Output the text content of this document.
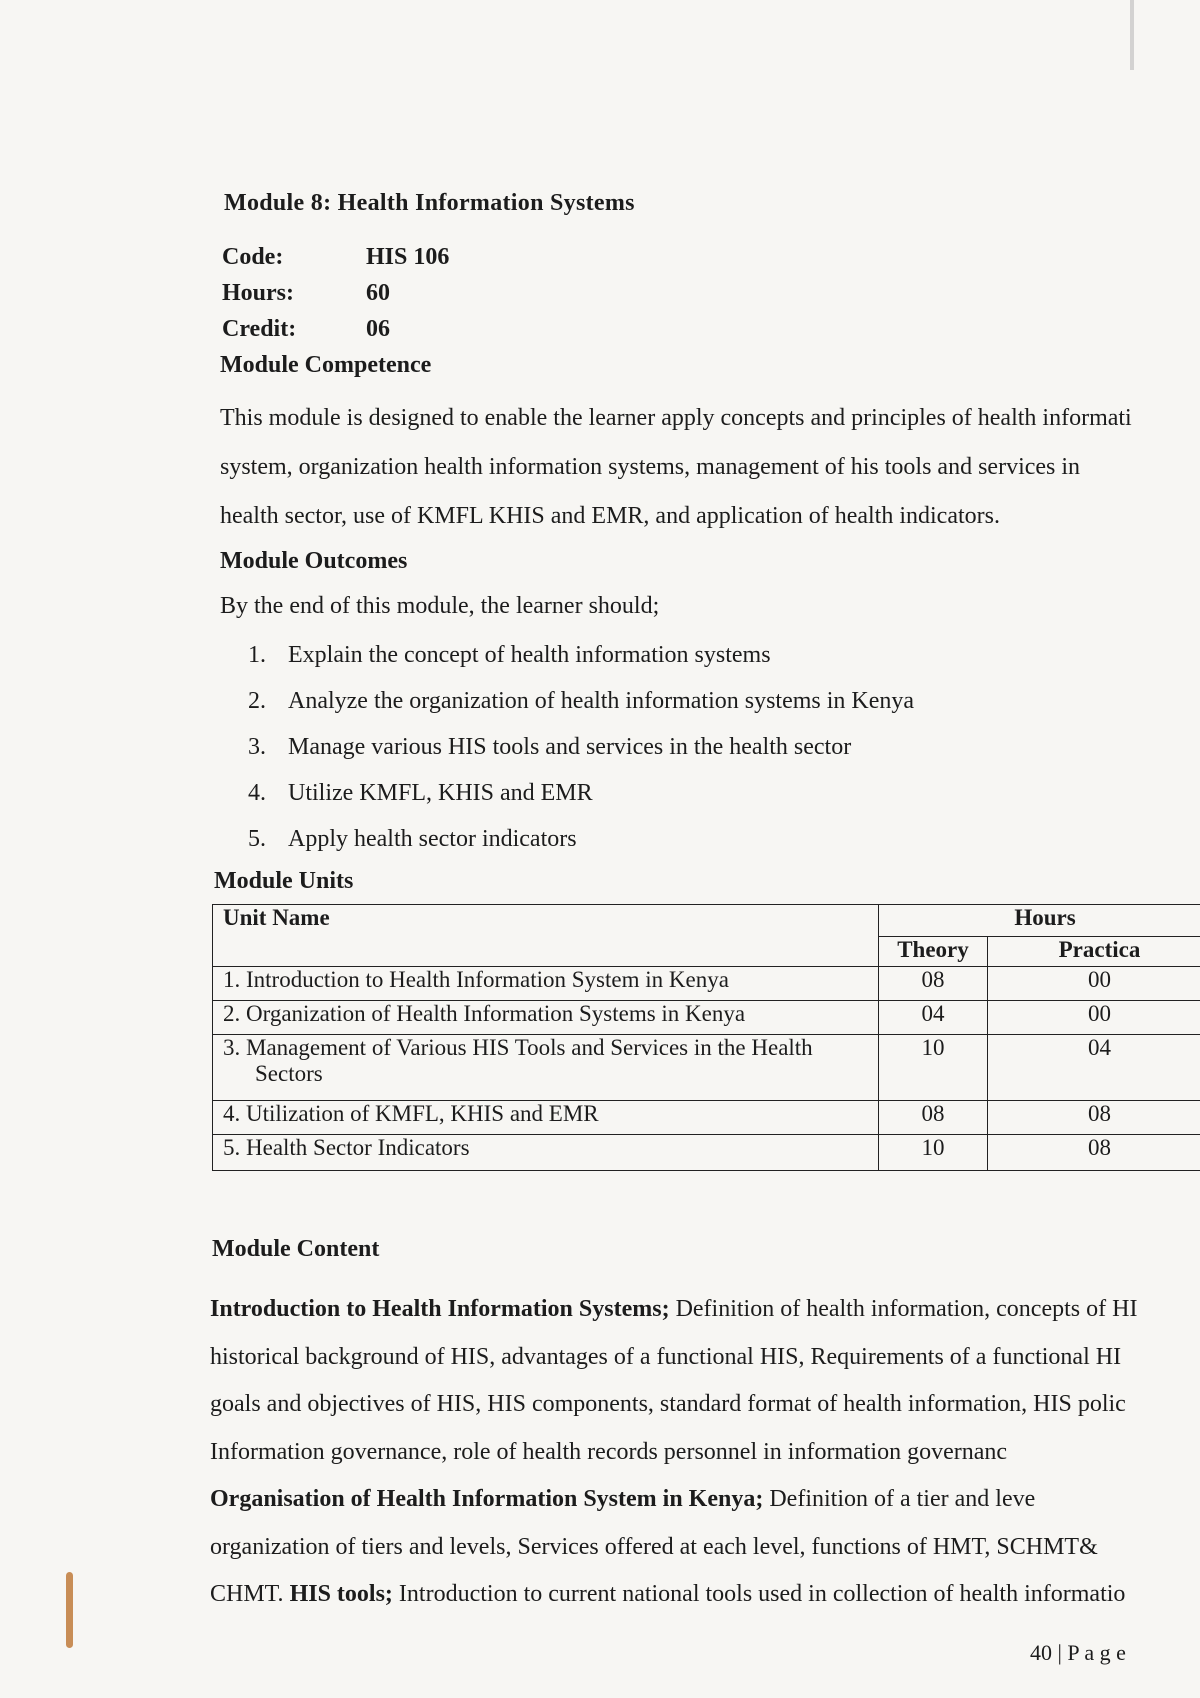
Module 8: Health Information Systems
Code:	HIS 106
Hours:	60
Credit:	06
Module Competence
This module is designed to enable the learner apply concepts and principles of health informati
system, organization health information systems, management of his tools and services in
health sector, use of KMFL KHIS and EMR, and application of health indicators.
Module Outcomes
By the end of this module, the learner should;
1. Explain the concept of health information systems
2. Analyze the organization of health information systems in Kenya
3. Manage various HIS tools and services in the health sector
4. Utilize KMFL, KHIS and EMR
5. Apply health sector indicators
Module Units
Unit Name	Hours	
	Theory	Practica
1. Introduction to Health Information System in Kenya	08	00
2. Organization of Health Information Systems in Kenya	04	00

3. Management of Various HIS Tools and Services in the Health
Sectors	10	04
4. Utilization of KMFL, KHIS and EMR	08	08
5. Health Sector Indicators	10	08
Module Content
Introduction to Health Information Systems; Definition of health information, concepts of HI
historical background of HIS, advantages of a functional HIS, Requirements of a functional HI
goals and objectives of HIS, HIS components, standard format of health information, HIS polic
Information governance, role of health records personnel in information governanc
Organisation of Health Information System in Kenya; Definition of a tier and leve
organization of tiers and levels, Services offered at each level, functions of HMT, SCHMT&
CHMT. HIS tools; Introduction to current national tools used in collection of health informatio
40 | P a g e
